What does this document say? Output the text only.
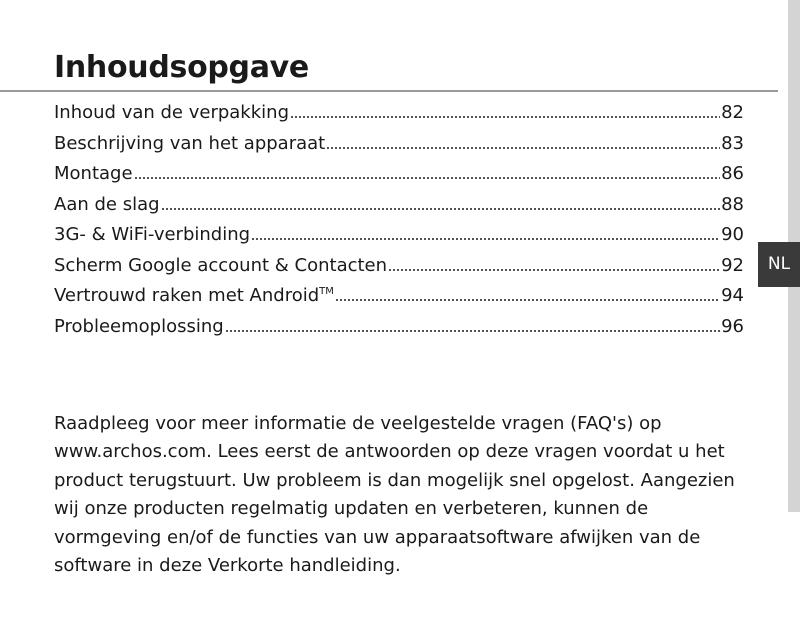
Inhoudsopgave
NL
Inhoud van de verpakking	82
Beschrijving van het apparaat	83
Montage	86
Aan de slag	88
3G- & WiFi-verbinding	90
Scherm Google account & Contacten	92
Vertrouwd raken met Android™	94
Probleemoplossing	96

Raadpleeg voor meer informatie de veelgestelde vragen (FAQ's) op www.archos.com. Lees eerst de antwoorden op deze vragen voordat u het product terugstuurt. Uw probleem is dan mogelijk snel opgelost. Aangezien wij onze producten regelmatig updaten en verbeteren, kunnen de vormgeving en/of de functies van uw apparaatsoftware afwijken van de software in deze Verkorte handleiding.
